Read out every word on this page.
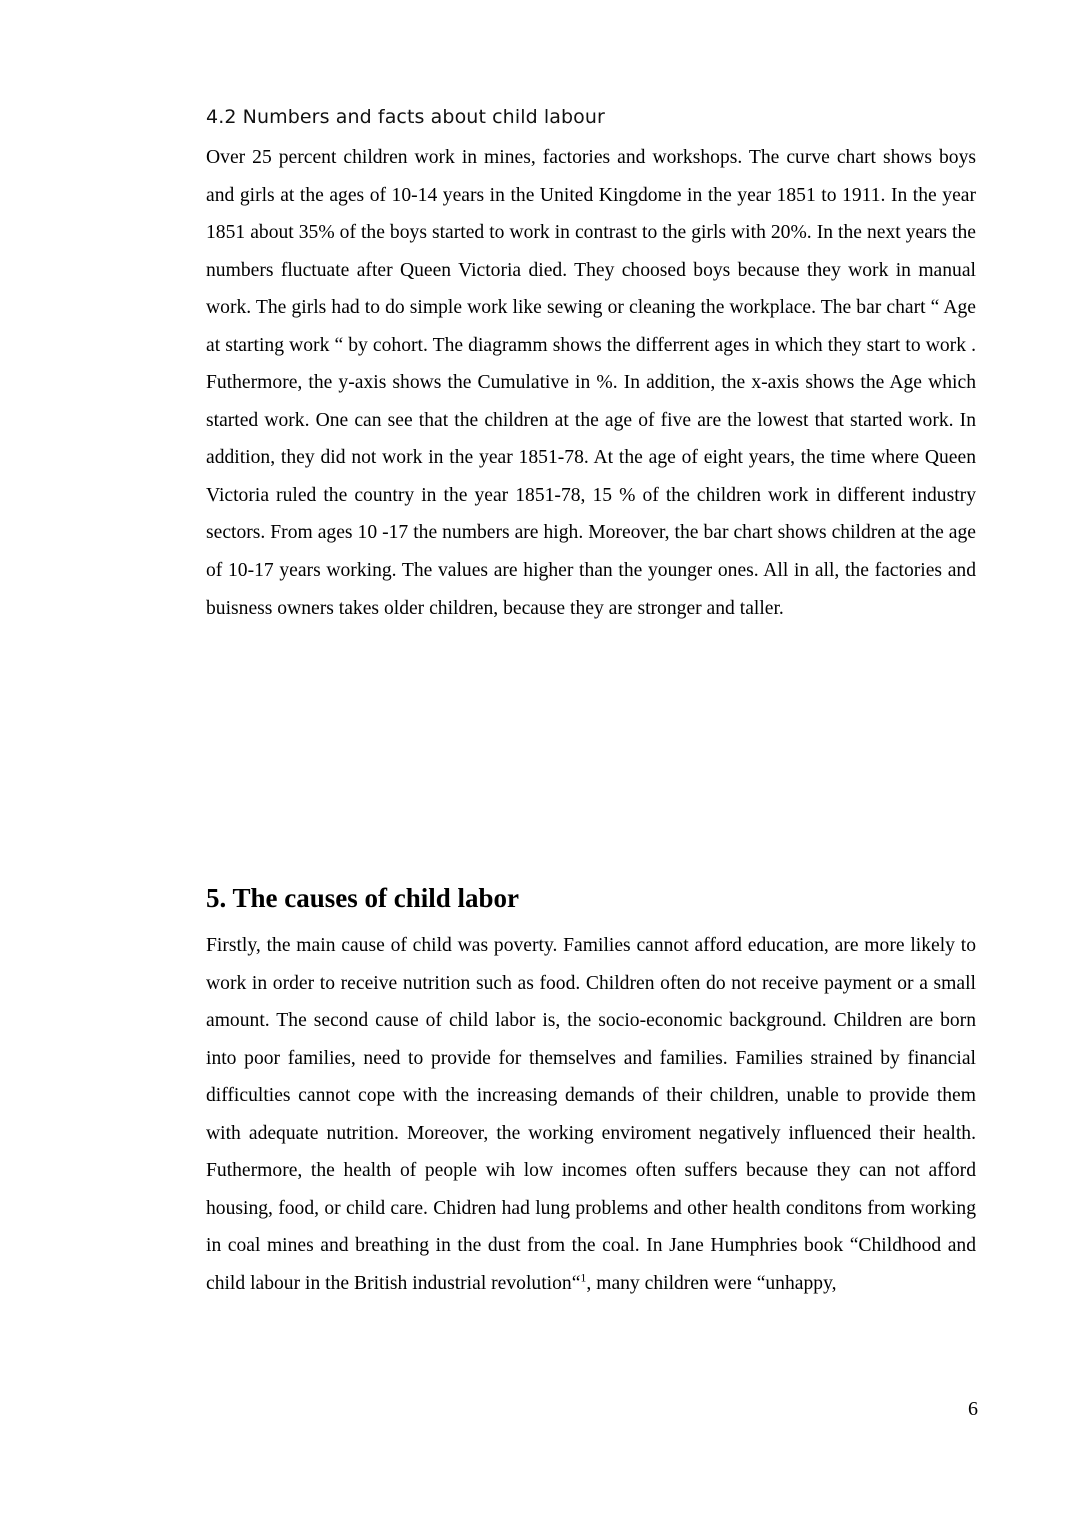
4.2 Numbers and facts about child labour

Over 25 percent children work in mines, factories and workshops. The curve chart shows boys and girls at the ages of 10-14 years in the United Kingdome in the year 1851 to 1911. In the year 1851 about 35% of the boys started to work in contrast to the girls with 20%. In the next years the numbers fluctuate after Queen Victoria died. They choosed boys because they work in manual work. The girls had to do simple work like sewing or cleaning the workplace. The bar chart “ Age at starting work “ by cohort. The diagramm shows the differrent ages in which they start to work . Futhermore, the y-axis shows the Cumulative in %. In addition, the x-axis shows the Age which started work. One can see that the children at the age of five are the lowest that started work. In addition, they did not work in the year 1851-78. At the age of eight years, the time where Queen Victoria ruled the country in the year 1851-78, 15 % of the children work in different industry sectors. From ages 10 -17 the numbers are high. Moreover, the bar chart shows children at the age of 10-17 years working. The values are higher than the younger ones. All in all, the factories and buisness owners takes older children, because they are stronger and taller.

5. The causes of child labor

Firstly, the main cause of child was poverty. Families cannot afford education, are more likely to work in order to receive nutrition such as food. Children often do not receive payment or a small amount. The second cause of child labor is, the socio-economic background. Children are born into poor families, need to provide for themselves and families. Families strained by financial difficulties cannot cope with the increasing demands of their children, unable to provide them with adequate nutrition. Moreover, the working enviroment negatively influenced their health. Futhermore, the health of people wih low incomes often suffers because they can not afford housing, food, or child care. Chidren had lung problems and other health conditons from working in coal mines and breathing in the dust from the coal. In Jane Humphries book “Childhood and child labour in the British industrial revolution“$^1$, many children were “unhappy,

6
